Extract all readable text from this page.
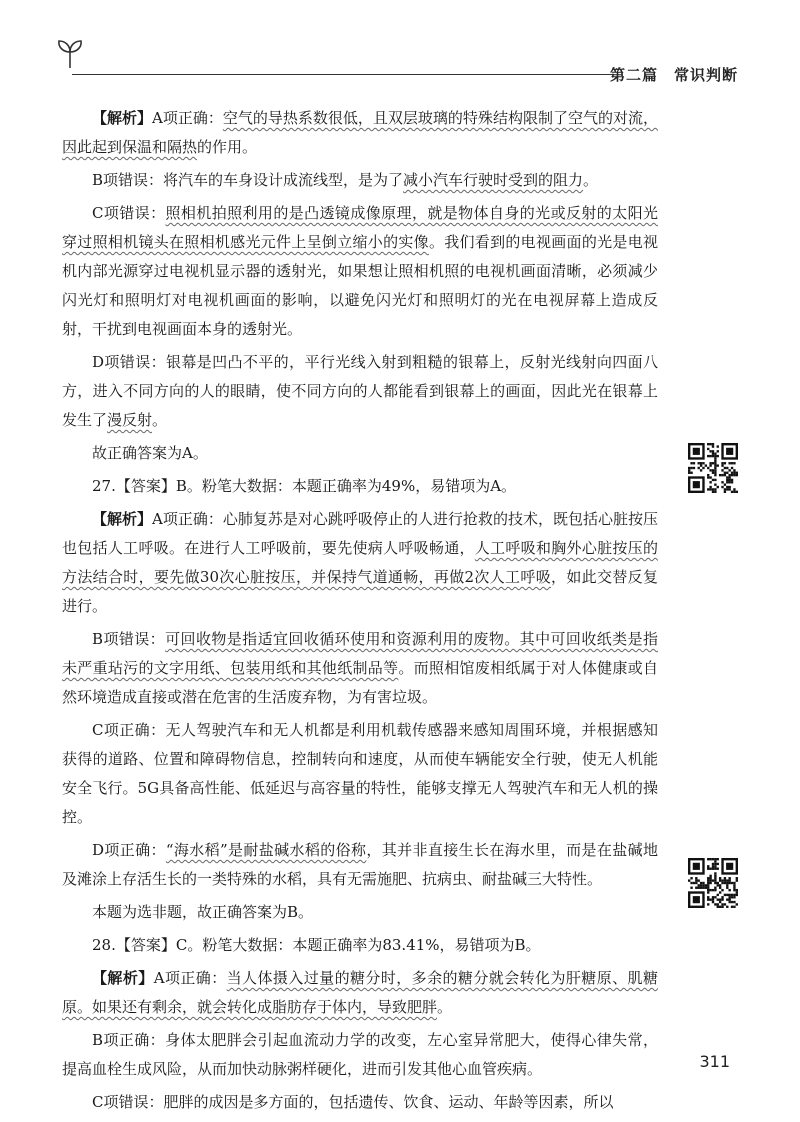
第二篇　常识判断

【解析】A项正确：空气的导热系数很低，且双层玻璃的特殊结构限制了空气的对流，因此起到保温和隔热的作用。

B项错误：将汽车的车身设计成流线型，是为了减小汽车行驶时受到的阻力。

C项错误：照相机拍照利用的是凸透镜成像原理，就是物体自身的光或反射的太阳光穿过照相机镜头在照相机感光元件上呈倒立缩小的实像。我们看到的电视画面的光是电视机内部光源穿过电视机显示器的透射光，如果想让照相机照的电视机画面清晰，必须减少闪光灯和照明灯对电视机画面的影响，以避免闪光灯和照明灯的光在电视屏幕上造成反射，干扰到电视画面本身的透射光。

D项错误：银幕是凹凸不平的，平行光线入射到粗糙的银幕上，反射光线射向四面八方，进入不同方向的人的眼睛，使不同方向的人都能看到银幕上的画面，因此光在银幕上发生了漫反射。

故正确答案为A。

27.【答案】B。粉笔大数据：本题正确率为49%，易错项为A。

【解析】A项正确：心肺复苏是对心跳呼吸停止的人进行抢救的技术，既包括心脏按压也包括人工呼吸。在进行人工呼吸前，要先使病人呼吸畅通，人工呼吸和胸外心脏按压的方法结合时，要先做30次心脏按压，并保持气道通畅，再做2次人工呼吸，如此交替反复进行。

B项错误：可回收物是指适宜回收循环使用和资源利用的废物。其中可回收纸类是指未严重玷污的文字用纸、包装用纸和其他纸制品等。而照相馆废相纸属于对人体健康或自然环境造成直接或潜在危害的生活废弃物，为有害垃圾。

C项正确：无人驾驶汽车和无人机都是利用机载传感器来感知周围环境，并根据感知获得的道路、位置和障碍物信息，控制转向和速度，从而使车辆能安全行驶，使无人机能安全飞行。5G具备高性能、低延迟与高容量的特性，能够支撑无人驾驶汽车和无人机的操控。

D项正确：“海水稻”是耐盐碱水稻的俗称，其并非直接生长在海水里，而是在盐碱地及滩涂上存活生长的一类特殊的水稻，具有无需施肥、抗病虫、耐盐碱三大特性。

本题为选非题，故正确答案为B。

28.【答案】C。粉笔大数据：本题正确率为83.41%，易错项为B。

【解析】A项正确：当人体摄入过量的糖分时，多余的糖分就会转化为肝糖原、肌糖原。如果还有剩余，就会转化成脂肪存于体内，导致肥胖。

B项正确：身体太肥胖会引起血流动力学的改变，左心室异常肥大，使得心律失常，提高血栓生成风险，从而加快动脉粥样硬化，进而引发其他心血管疾病。

C项错误：肥胖的成因是多方面的，包括遗传、饮食、运动、年龄等因素，所以

311
